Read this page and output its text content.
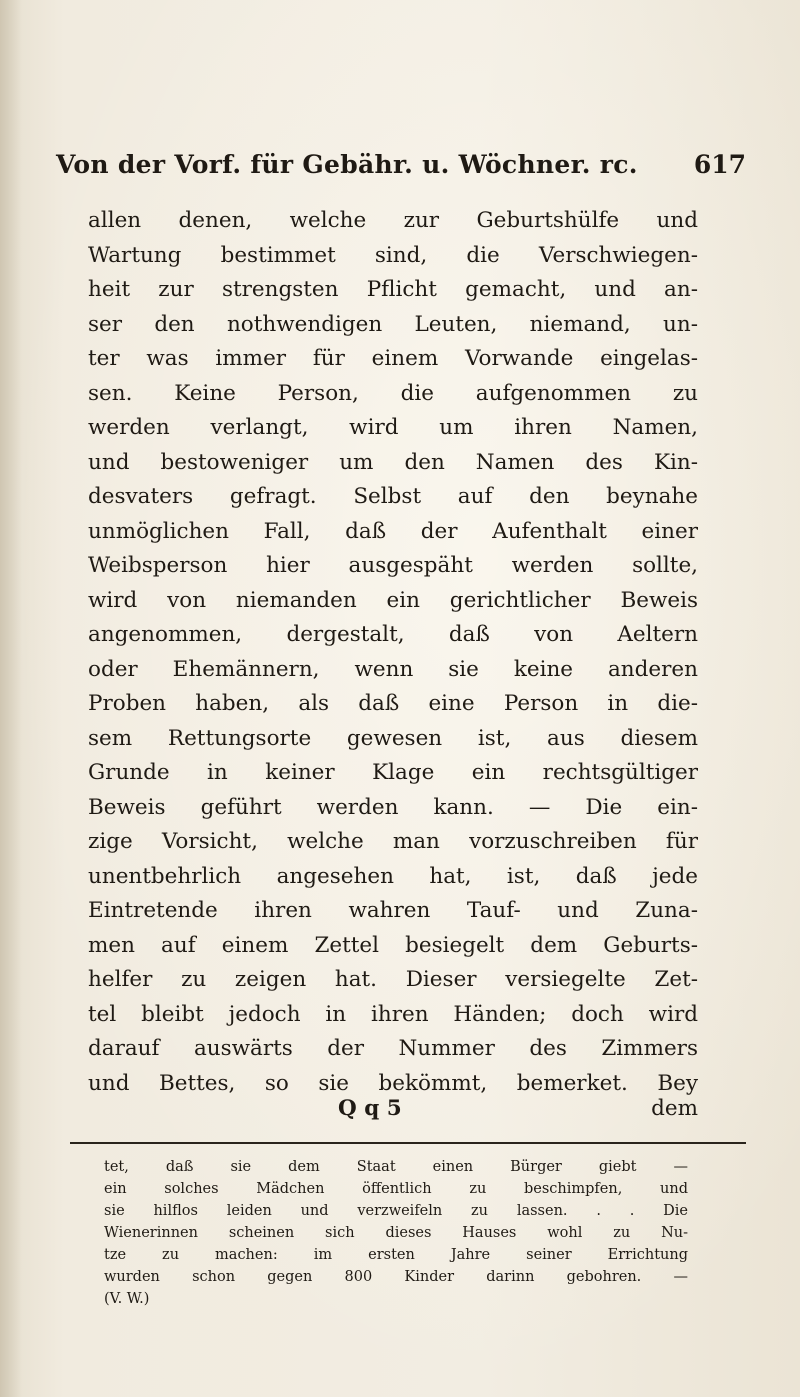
Von der Vorf. für Gebähr. u. Wöchner. rc. 617
allen denen, welche zur Geburtshülfe und
Wartung bestimmet sind, die Verschwiegen-
heit zur strengsten Pflicht gemacht, und an-
ser den nothwendigen Leuten, niemand, un-
ter was immer für einem Vorwande eingelas-
sen. Keine Person, die aufgenommen zu
werden verlangt, wird um ihren Namen,
und bestoweniger um den Namen des Kin-
desvaters gefragt. Selbst auf den beynahe
unmöglichen Fall, daß der Aufenthalt einer
Weibsperson hier ausgespäht werden sollte,
wird von niemanden ein gerichtlicher Beweis
angenommen, dergestalt, daß von Aeltern
oder Ehemännern, wenn sie keine anderen
Proben haben, als daß eine Person in die-
sem Rettungsorte gewesen ist, aus diesem
Grunde in keiner Klage ein rechtsgültiger
Beweis geführt werden kann. — Die ein-
zige Vorsicht, welche man vorzuschreiben für
unentbehrlich angesehen hat, ist, daß jede
Eintretende ihren wahren Tauf- und Zuna-
men auf einem Zettel besiegelt dem Geburts-
helfer zu zeigen hat. Dieser versiegelte Zet-
tel bleibt jedoch in ihren Händen; doch wird
darauf auswärts der Nummer des Zimmers
und Bettes, so sie bekömmt, bemerket. Bey
Q q 5	dem
tet, daß sie dem Staat einen Bürger giebt —
ein solches Mädchen öffentlich zu beschimpfen, und
sie hilflos leiden und verzweifeln zu lassen. . . Die
Wienerinnen scheinen sich dieses Hauses wohl zu Nu-
tze zu machen: im ersten Jahre seiner Errichtung
wurden schon gegen 800 Kinder darinn gebohren. —
(V. W.)
